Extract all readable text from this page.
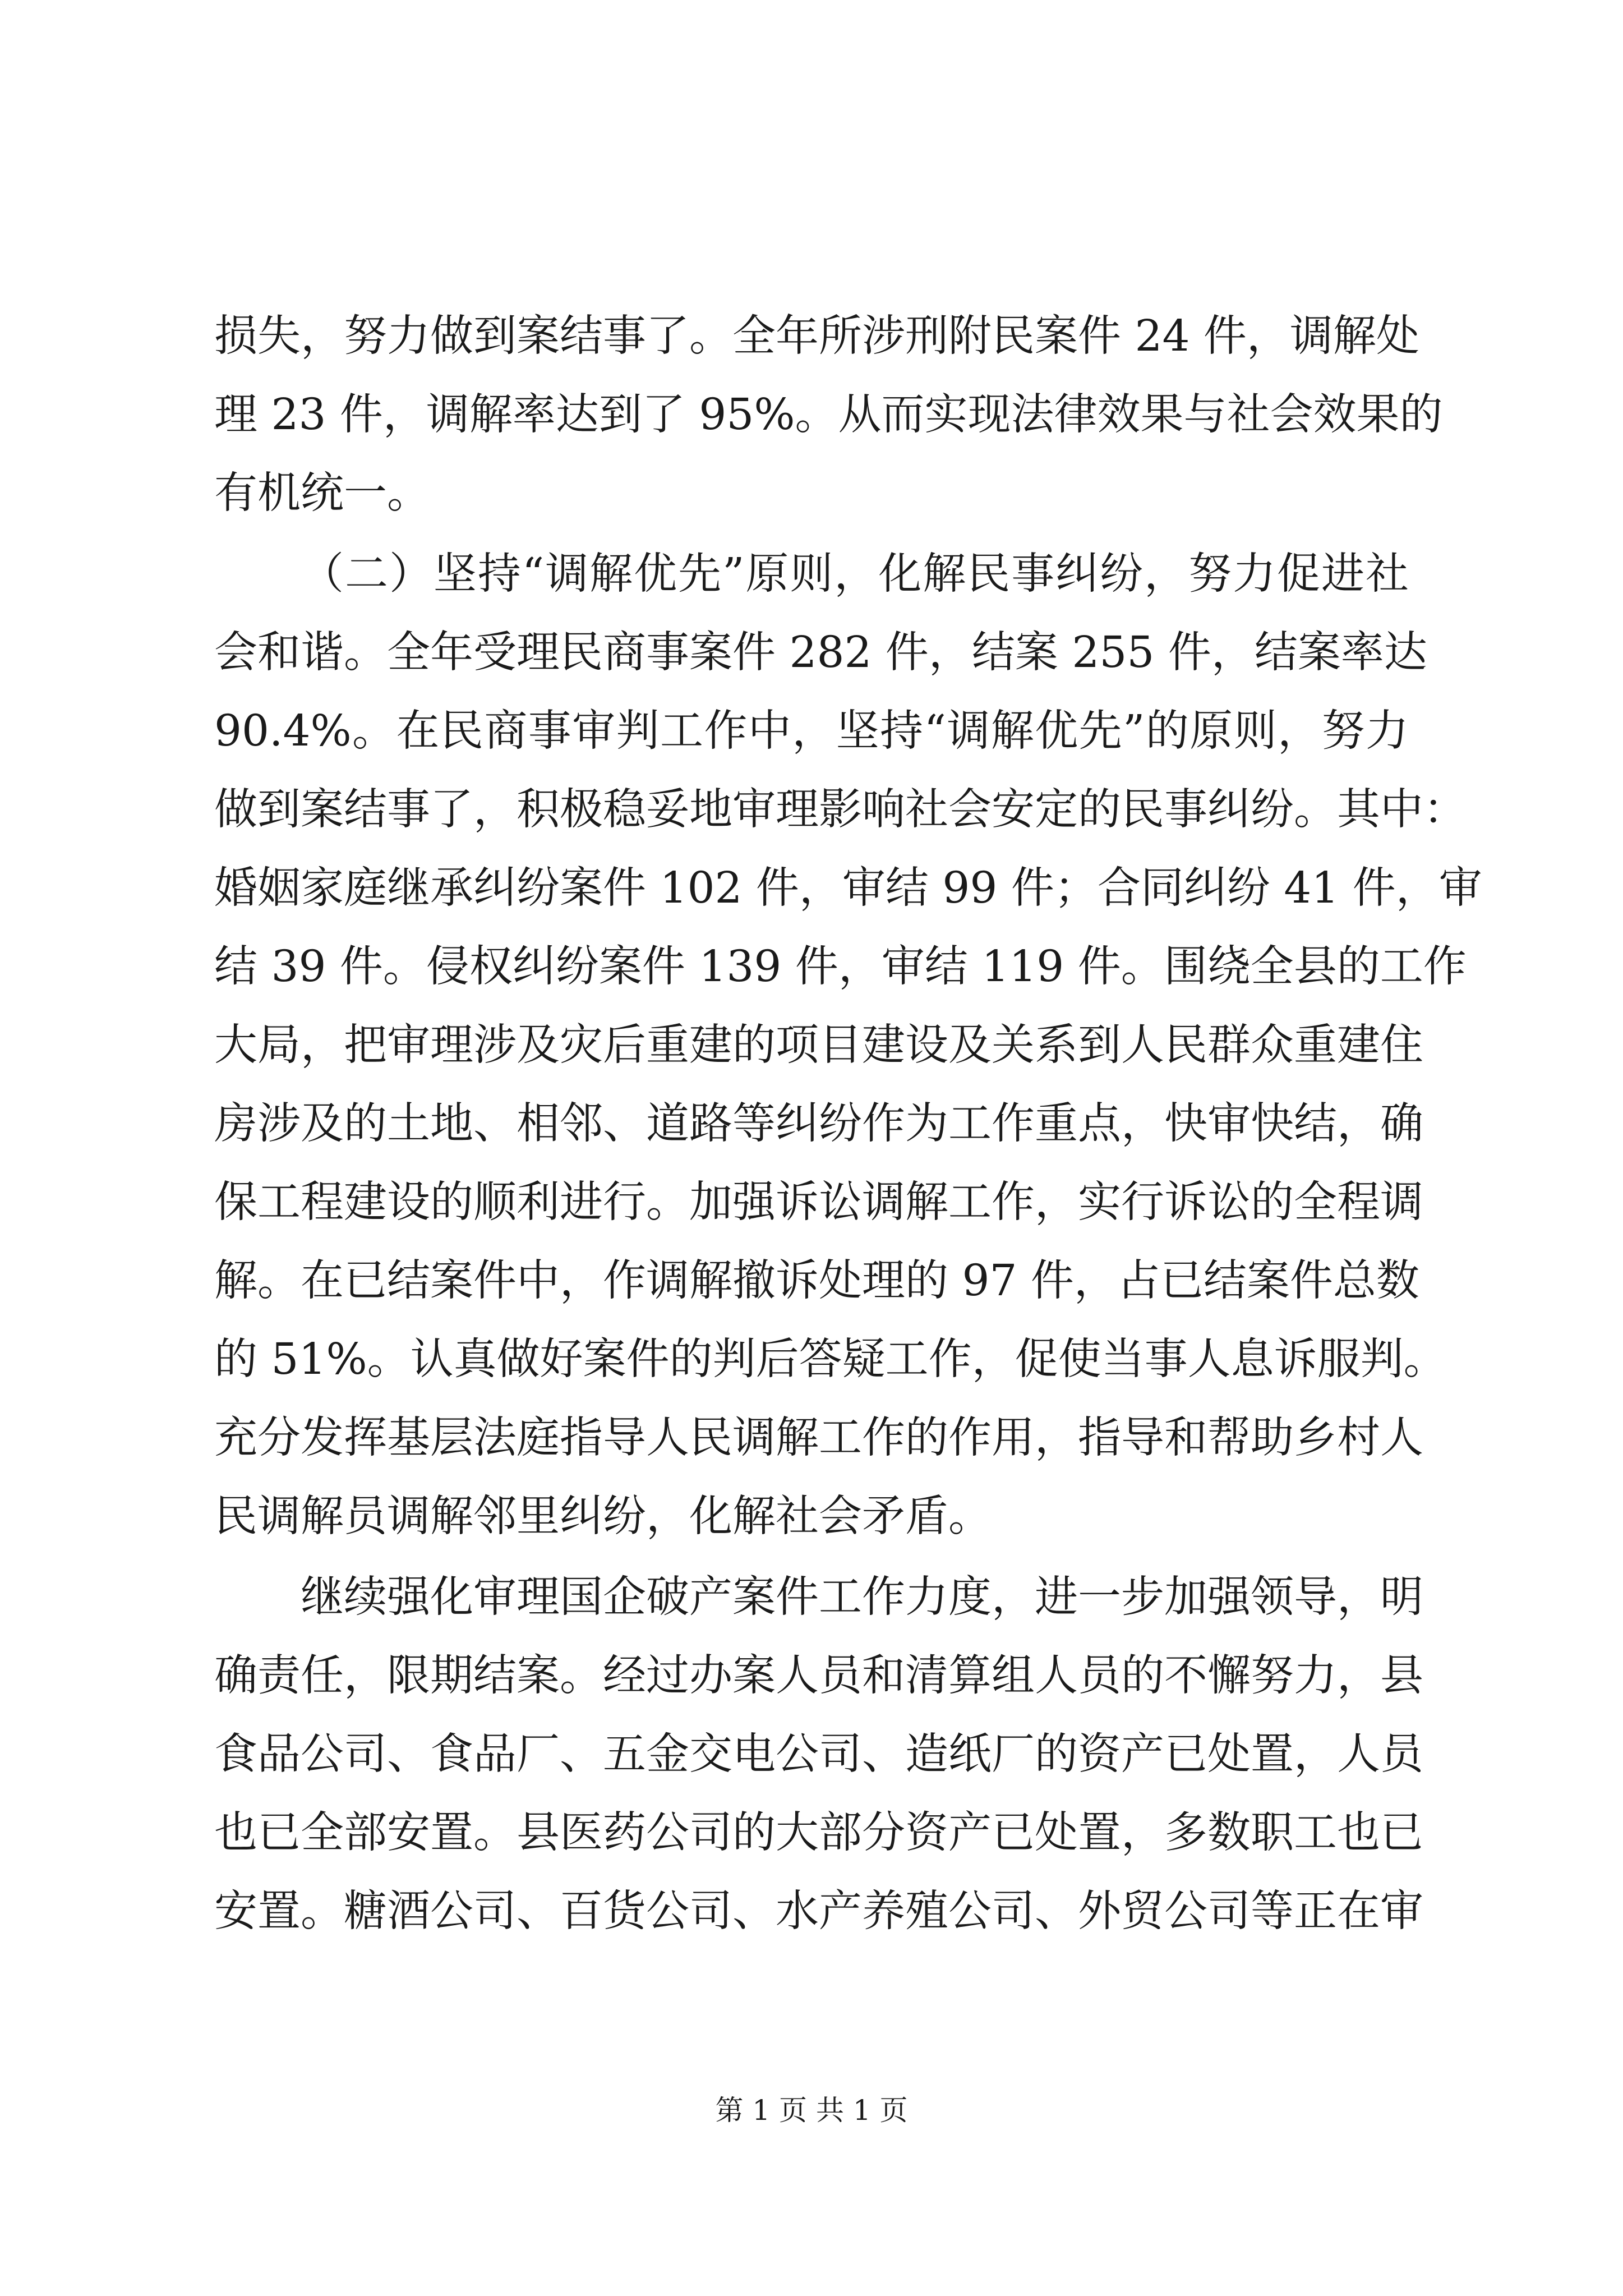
损失，努力做到案结事了。全年所涉刑附民案件 24 件，调解处
理 23 件，调解率达到了 95%。从而实现法律效果与社会效果的
有机统一。
（二）坚持“调解优先”原则，化解民事纠纷，努力促进社
会和谐。全年受理民商事案件 282 件，结案 255 件，结案率达
90.4%。在民商事审判工作中，坚持“调解优先”的原则，努力
做到案结事了，积极稳妥地审理影响社会安定的民事纠纷。其中：
婚姻家庭继承纠纷案件 102 件，审结 99 件；合同纠纷 41 件，审
结 39 件。侵权纠纷案件 139 件，审结 119 件。围绕全县的工作
大局，把审理涉及灾后重建的项目建设及关系到人民群众重建住
房涉及的土地、相邻、道路等纠纷作为工作重点，快审快结，确
保工程建设的顺利进行。加强诉讼调解工作，实行诉讼的全程调
解。在已结案件中，作调解撤诉处理的 97 件，占已结案件总数
的 51%。认真做好案件的判后答疑工作，促使当事人息诉服判。
充分发挥基层法庭指导人民调解工作的作用，指导和帮助乡村人
民调解员调解邻里纠纷，化解社会矛盾。
继续强化审理国企破产案件工作力度，进一步加强领导，明
确责任，限期结案。经过办案人员和清算组人员的不懈努力，县
食品公司、食品厂、五金交电公司、造纸厂的资产已处置，人员
也已全部安置。县医药公司的大部分资产已处置，多数职工也已
安置。糖酒公司、百货公司、水产养殖公司、外贸公司等正在审
第 1 页 共 1 页
